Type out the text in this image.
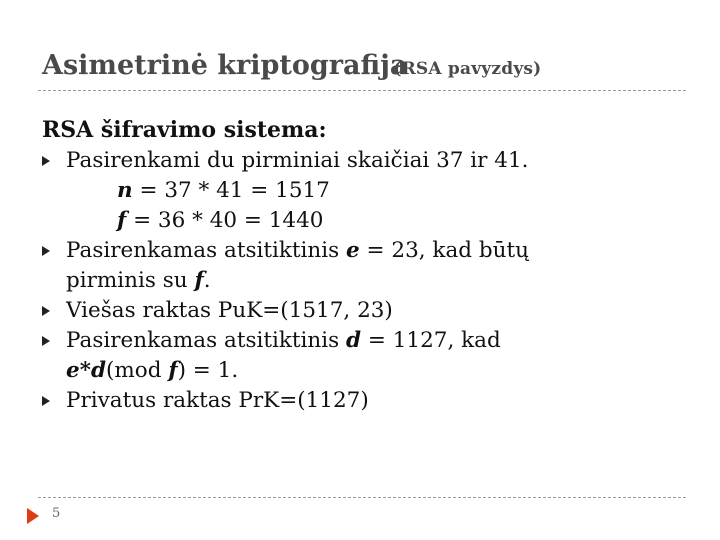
Asimetrinė kriptografija(RSA pavyzdys)
RSA šifravimo sistema:
Pasirenkami du pirminiai skaičiai 37 ir 41.
n = 37 * 41 = 1517
f = 36 * 40 = 1440
Pasirenkamas atsitiktinis e = 23, kad būtų
pirminis su f.
Viešas raktas PuK=(1517, 23)
Pasirenkamas atsitiktinis d = 1127, kad
e*d(mod f) = 1.
Privatus raktas PrK=(1127)
5
